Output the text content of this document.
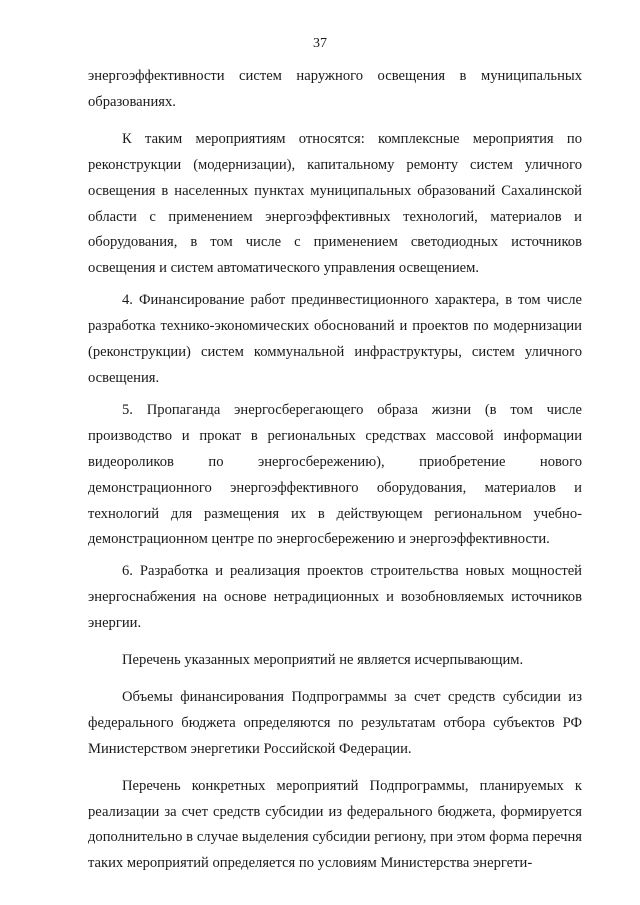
37

энергоэффективности систем наружного освещения в муниципальных образованиях.

К таким мероприятиям относятся: комплексные мероприятия по реконструкции (модернизации), капитальному ремонту систем уличного освещения в населенных пунктах муниципальных образований Сахалинской области с применением энергоэффективных технологий, материалов и оборудования, в том числе с применением светодиодных источников освещения и систем автоматического управления освещением.

4. Финансирование работ прединвестиционного характера, в том числе разработка технико-экономических обоснований и проектов по модернизации (реконструкции) систем коммунальной инфраструктуры, систем уличного освещения.

5. Пропаганда энергосберегающего образа жизни (в том числе производство и прокат в региональных средствах массовой информации видеороликов по энергосбережению), приобретение нового демонстрационного энергоэффективного оборудования, материалов и технологий для размещения их в действующем региональном учебно-демонстрационном центре по энергосбережению и энергоэффективности.

6. Разработка и реализация проектов строительства новых мощностей энергоснабжения на основе нетрадиционных и возобновляемых источников энергии.

Перечень указанных мероприятий не является исчерпывающим.

Объемы финансирования Подпрограммы за счет средств субсидии из федерального бюджета определяются по результатам отбора субъектов РФ Министерством энергетики Российской Федерации.

Перечень конкретных мероприятий Подпрограммы, планируемых к реализации за счет средств субсидии из федерального бюджета, формируется дополнительно в случае выделения субсидии региону, при этом форма перечня таких мероприятий определяется по условиям Министерства энергети-
